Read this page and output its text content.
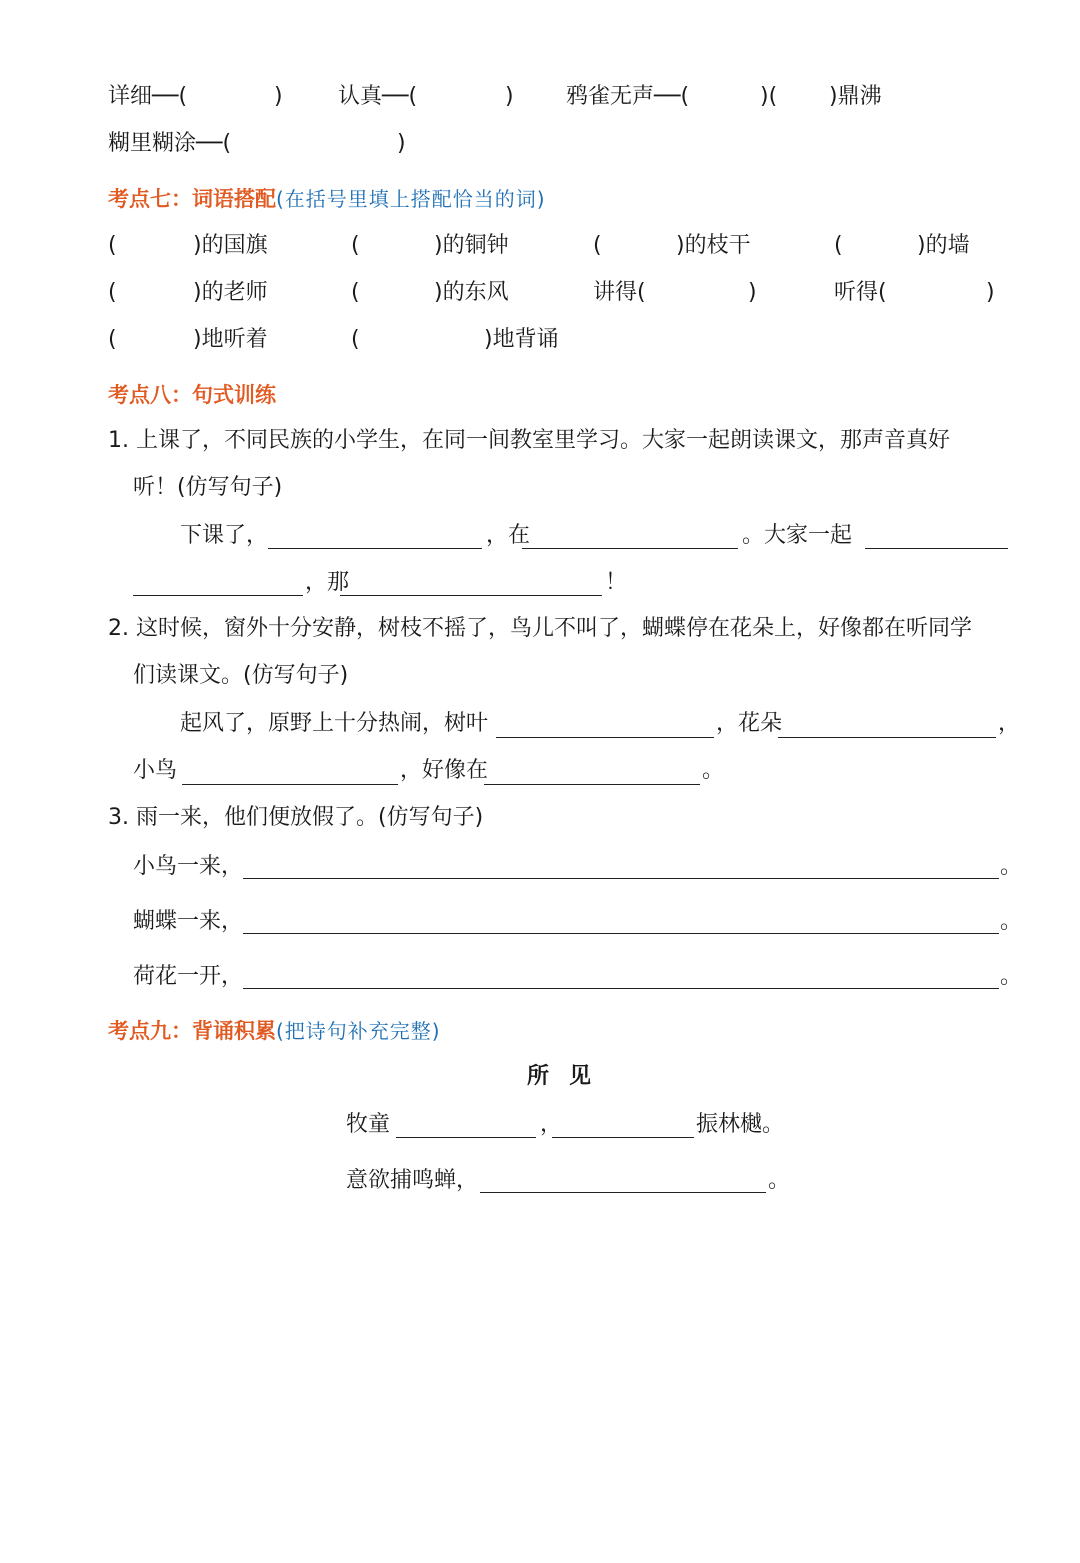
详细──(	)	认真──(	) 鸦雀无声──(	)( )鼎沸
糊里糊涂──(	)
考点七：词语搭配(在括号里填上搭配恰当的词)
(	)的国旗	(	)的铜钟	(	)的枝干	(	)的墙
(	)的老师	(	)的东风	讲得(	)	听得(	)
(	)地听着	(	)地背诵
考点八：句式训练
1. 上课了，不同民族的小学生，在同一间教室里学习。大家一起朗读课文，那声音真好
听！(仿写句子)
下课了，	，在	。大家一起
，那	！
2. 这时候，窗外十分安静，树枝不摇了，鸟儿不叫了，蝴蝶停在花朵上，好像都在听同学
们读课文。(仿写句子)
起风了，原野上十分热闹，树叶	，花朵	，
小鸟	，好像在	。
3. 雨一来，他们便放假了。(仿写句子)
小鸟一来，	。
蝴蝶一来，	。
荷花一开，	。
考点九：背诵积累(把诗句补充完整)
所见
牧童	，	振林樾。
意欲捕鸣蝉，	。
